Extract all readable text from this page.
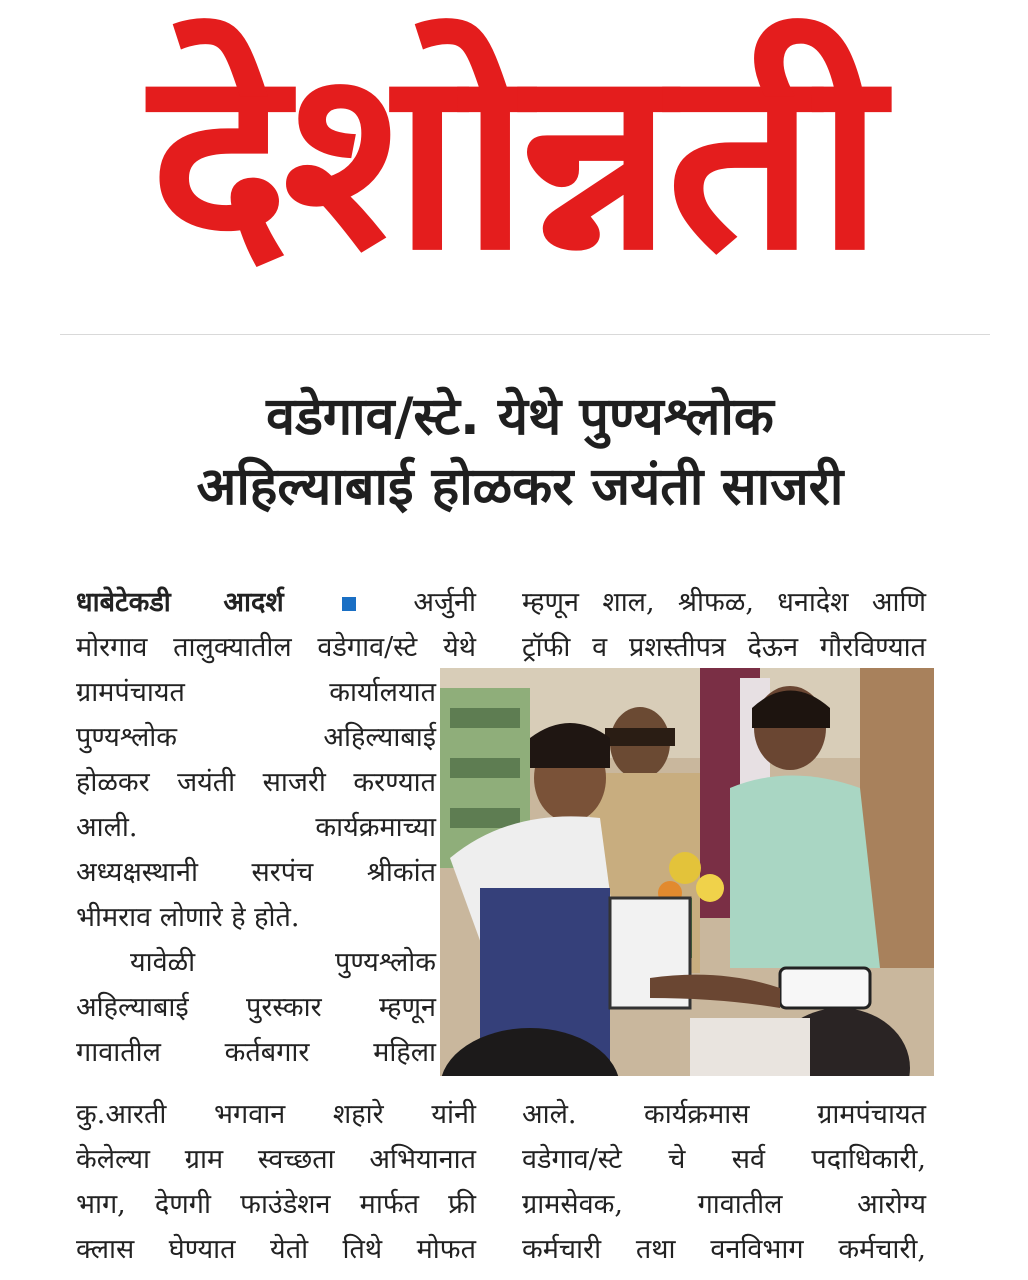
देशोन्नती
वडेगाव/स्टे. येथे पुण्यश्लोक
अहिल्याबाई होळकर जयंती साजरी

धाबेटेकडी आदर्श	अर्जुनी

मोरगाव तालुक्यातील वडेगाव/स्टे येथे

ग्रामपंचायत कार्यालयात

पुण्यश्लोक अहिल्याबाई

होळकर जयंती साजरी करण्यात

आली. कार्यक्रमाच्या

अध्यक्षस्थानी सरपंच श्रीकांत

भीमराव लोणारे हे होते.

यावेळी पुण्यश्लोक

अहिल्याबाई पुरस्कार म्हणून

गावातील कर्तबगार महिला

म्हणून शाल, श्रीफळ, धनादेश आणि

ट्रॉफी व प्रशस्तीपत्र देऊन गौरविण्यात

कु.आरती भगवान शहारे यांनी

केलेल्या ग्राम स्वच्छता अभियानात

भाग, देणगी फाउंडेशन मार्फत फ्री

क्लास घेण्यात येतो तिथे मोफत

आले. कार्यक्रमास ग्रामपंचायत

वडेगाव/स्टे चे सर्व पदाधिकारी,

ग्रामसेवक, गावातील आरोग्य

कर्मचारी तथा वनविभाग कर्मचारी,
